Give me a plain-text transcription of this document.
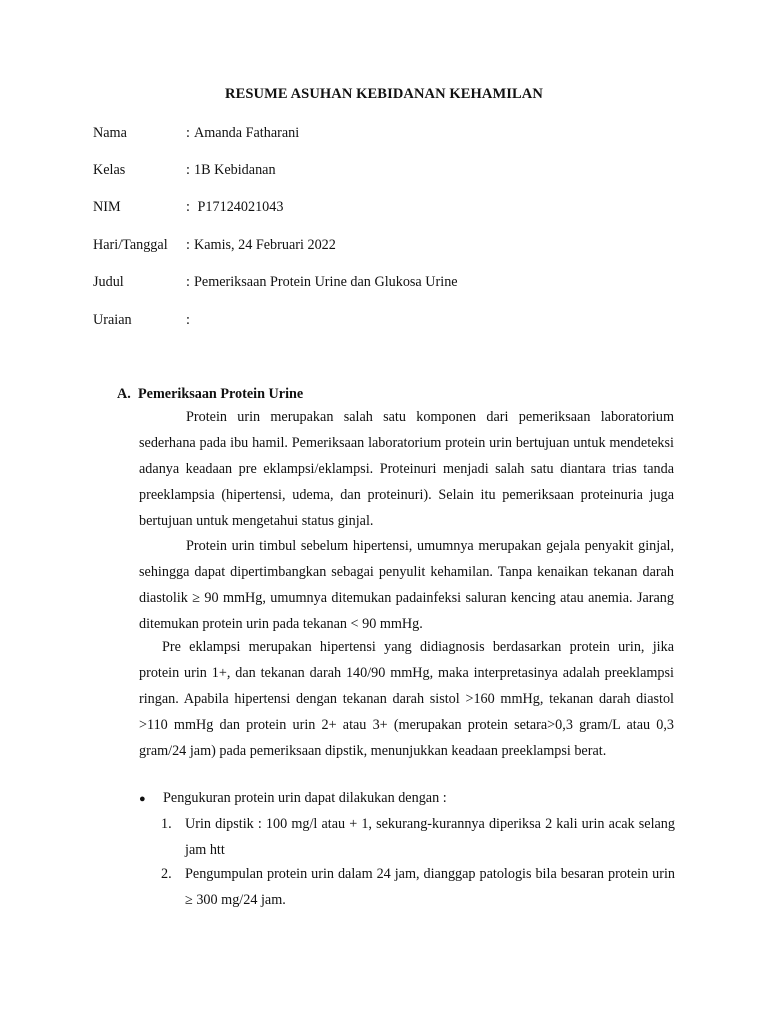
RESUME ASUHAN KEBIDANAN KEHAMILAN
Nama	: Amanda Fatharani
Kelas	: 1B Kebidanan
NIM	: P17124021043
Hari/Tanggal : Kamis, 24 Februari 2022
Judul	: Pemeriksaan Protein Urine dan Glukosa Urine
Uraian	:
A. Pemeriksaan Protein Urine

Protein urin merupakan salah satu komponen dari pemeriksaan laboratorium sederhana pada ibu hamil. Pemeriksaan laboratorium protein urin bertujuan untuk mendeteksi adanya keadaan pre eklampsi/eklampsi. Proteinuri menjadi salah satu diantara trias tanda preeklampsia (hipertensi, udema, dan proteinuri). Selain itu pemeriksaan proteinuria juga bertujuan untuk mengetahui status ginjal.

Protein urin timbul sebelum hipertensi, umumnya merupakan gejala penyakit ginjal, sehingga dapat dipertimbangkan sebagai penyulit kehamilan. Tanpa kenaikan tekanan darah diastolik ≥ 90 mmHg, umumnya ditemukan padainfeksi saluran kencing atau anemia. Jarang ditemukan protein urin pada tekanan < 90 mmHg.

Pre eklampsi merupakan hipertensi yang didiagnosis berdasarkan protein urin, jika protein urin 1+, dan tekanan darah 140/90 mmHg, maka interpretasinya adalah preeklampsi ringan. Apabila hipertensi dengan tekanan darah sistol >160 mmHg, tekanan darah diastol >110 mmHg dan protein urin 2+ atau 3+ (merupakan protein setara>0,3 gram/L atau 0,3 gram/24 jam) pada pemeriksaan dipstik, menunjukkan keadaan preeklampsi berat.

● Pengukuran protein urin dapat dilakukan dengan :
1. Urin dipstik : 100 mg/l atau + 1, sekurang-kurannya diperiksa 2 kali urin acak selang jam htt

2. Pengumpulan protein urin dalam 24 jam, dianggap patologis bila besaran protein urin ≥ 300 mg/24 jam.
